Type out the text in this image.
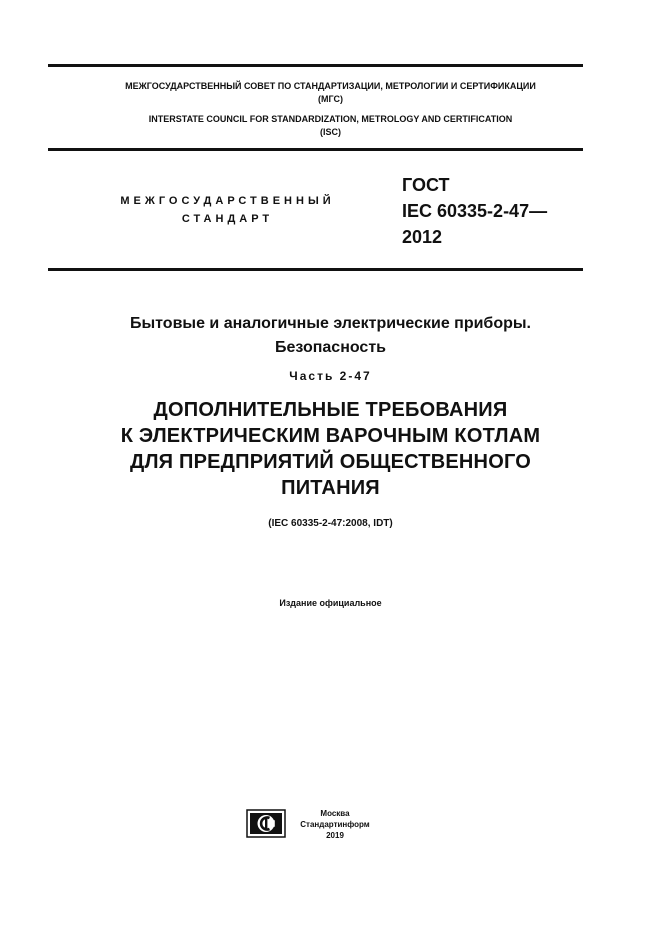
МЕЖГОСУДАРСТВЕННЫЙ СОВЕТ ПО СТАНДАРТИЗАЦИИ, МЕТРОЛОГИИ И СЕРТИФИКАЦИИ
(МГС)
INTERSTATE COUNCIL FOR STANDARDIZATION, METROLOGY AND CERTIFICATION
(ISC)
МЕЖГОСУДАРСТВЕННЫЙ
СТАНДАРТ
ГОСТ
IEC 60335-2-47—
2012
Бытовые и аналогичные электрические приборы.
Безопасность
Часть 2-47
ДОПОЛНИТЕЛЬНЫЕ ТРЕБОВАНИЯ
К ЭЛЕКТРИЧЕСКИМ ВАРОЧНЫМ КОТЛАМ
ДЛЯ ПРЕДПРИЯТИЙ ОБЩЕСТВЕННОГО
ПИТАНИЯ
(IEC 60335-2-47:2008, IDT)
Издание официальное
Москва
Стандартинформ
2019
